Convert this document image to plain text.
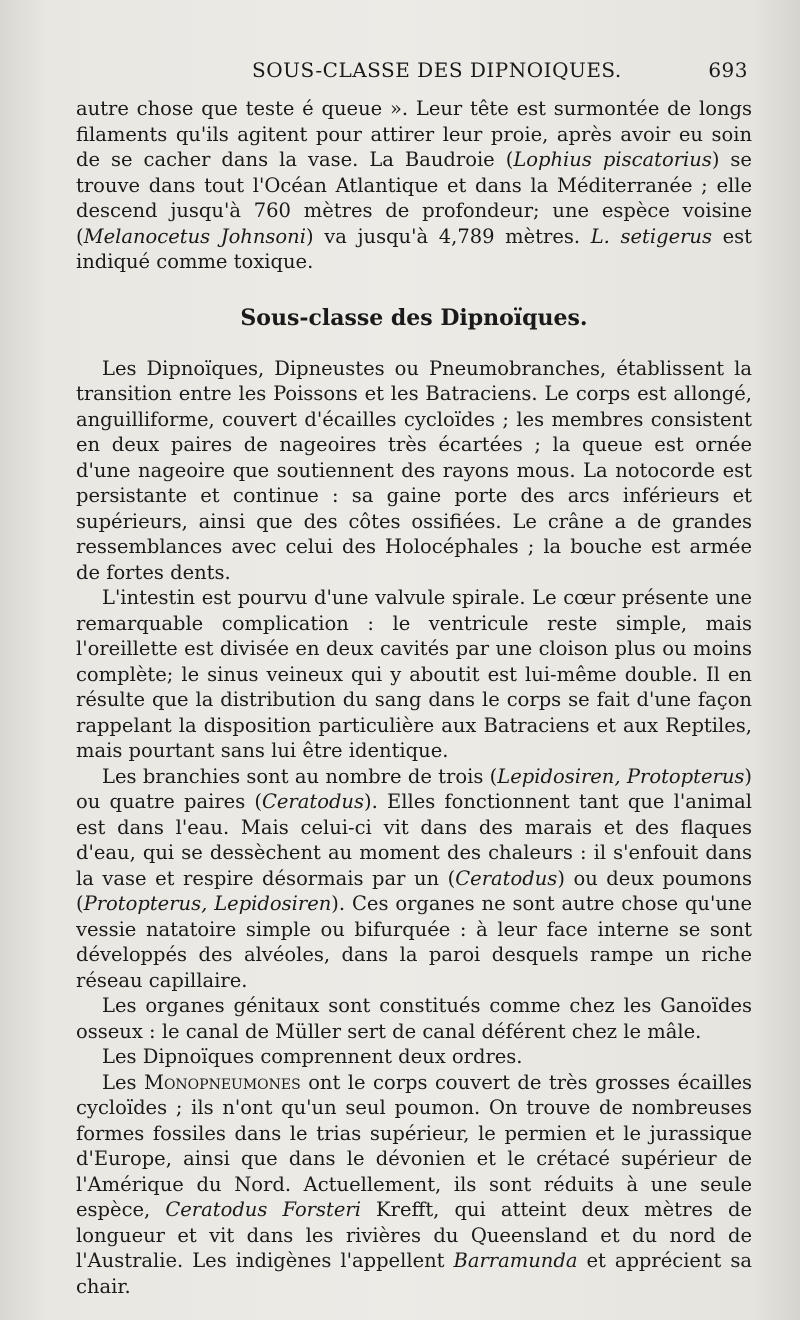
SOUS-CLASSE DES DIPNOIQUES.	693

autre chose que teste é queue ». Leur tête est surmontée de longs filaments qu'ils agitent pour attirer leur proie, après avoir eu soin de se cacher dans la vase. La Baudroie (Lophius piscatorius) se trouve dans tout l'Océan Atlantique et dans la Méditerranée ; elle descend jusqu'à 760 mètres de profondeur; une espèce voisine (Melanocetus Johnsoni) va jusqu'à 4,789 mètres. L. setigerus est indiqué comme toxique.

Sous-classe des Dipnoïques.

Les Dipnoïques, Dipneustes ou Pneumobranches, établissent la transition entre les Poissons et les Batraciens. Le corps est allongé, anguilliforme, couvert d'écailles cycloïdes ; les membres consistent en deux paires de nageoires très écartées ; la queue est ornée d'une nageoire que soutiennent des rayons mous. La notocorde est persistante et continue : sa gaine porte des arcs inférieurs et supérieurs, ainsi que des côtes ossifiées. Le crâne a de grandes ressemblances avec celui des Holocéphales ; la bouche est armée de fortes dents.

L'intestin est pourvu d'une valvule spirale. Le cœur présente une remarquable complication : le ventricule reste simple, mais l'oreillette est divisée en deux cavités par une cloison plus ou moins complète; le sinus veineux qui y aboutit est lui-même double. Il en résulte que la distribution du sang dans le corps se fait d'une façon rappelant la disposition particulière aux Batraciens et aux Reptiles, mais pourtant sans lui être identique.

Les branchies sont au nombre de trois (Lepidosiren, Protopterus) ou quatre paires (Ceratodus). Elles fonctionnent tant que l'animal est dans l'eau. Mais celui-ci vit dans des marais et des flaques d'eau, qui se dessèchent au moment des chaleurs : il s'enfouit dans la vase et respire désormais par un (Ceratodus) ou deux poumons (Protopterus, Lepidosiren). Ces organes ne sont autre chose qu'une vessie natatoire simple ou bifurquée : à leur face interne se sont développés des alvéoles, dans la paroi desquels rampe un riche réseau capillaire.

Les organes génitaux sont constitués comme chez les Ganoïdes osseux : le canal de Müller sert de canal déférent chez le mâle.

Les Dipnoïques comprennent deux ordres.

Les Monopneumones ont le corps couvert de très grosses écailles cycloïdes ; ils n'ont qu'un seul poumon. On trouve de nombreuses formes fossiles dans le trias supérieur, le permien et le jurassique d'Europe, ainsi que dans le dévonien et le crétacé supérieur de l'Amérique du Nord. Actuellement, ils sont réduits à une seule espèce, Ceratodus Forsteri Krefft, qui atteint deux mètres de longueur et vit dans les rivières du Queensland et du nord de l'Australie. Les indigènes l'appellent Barramunda et apprécient sa chair.
